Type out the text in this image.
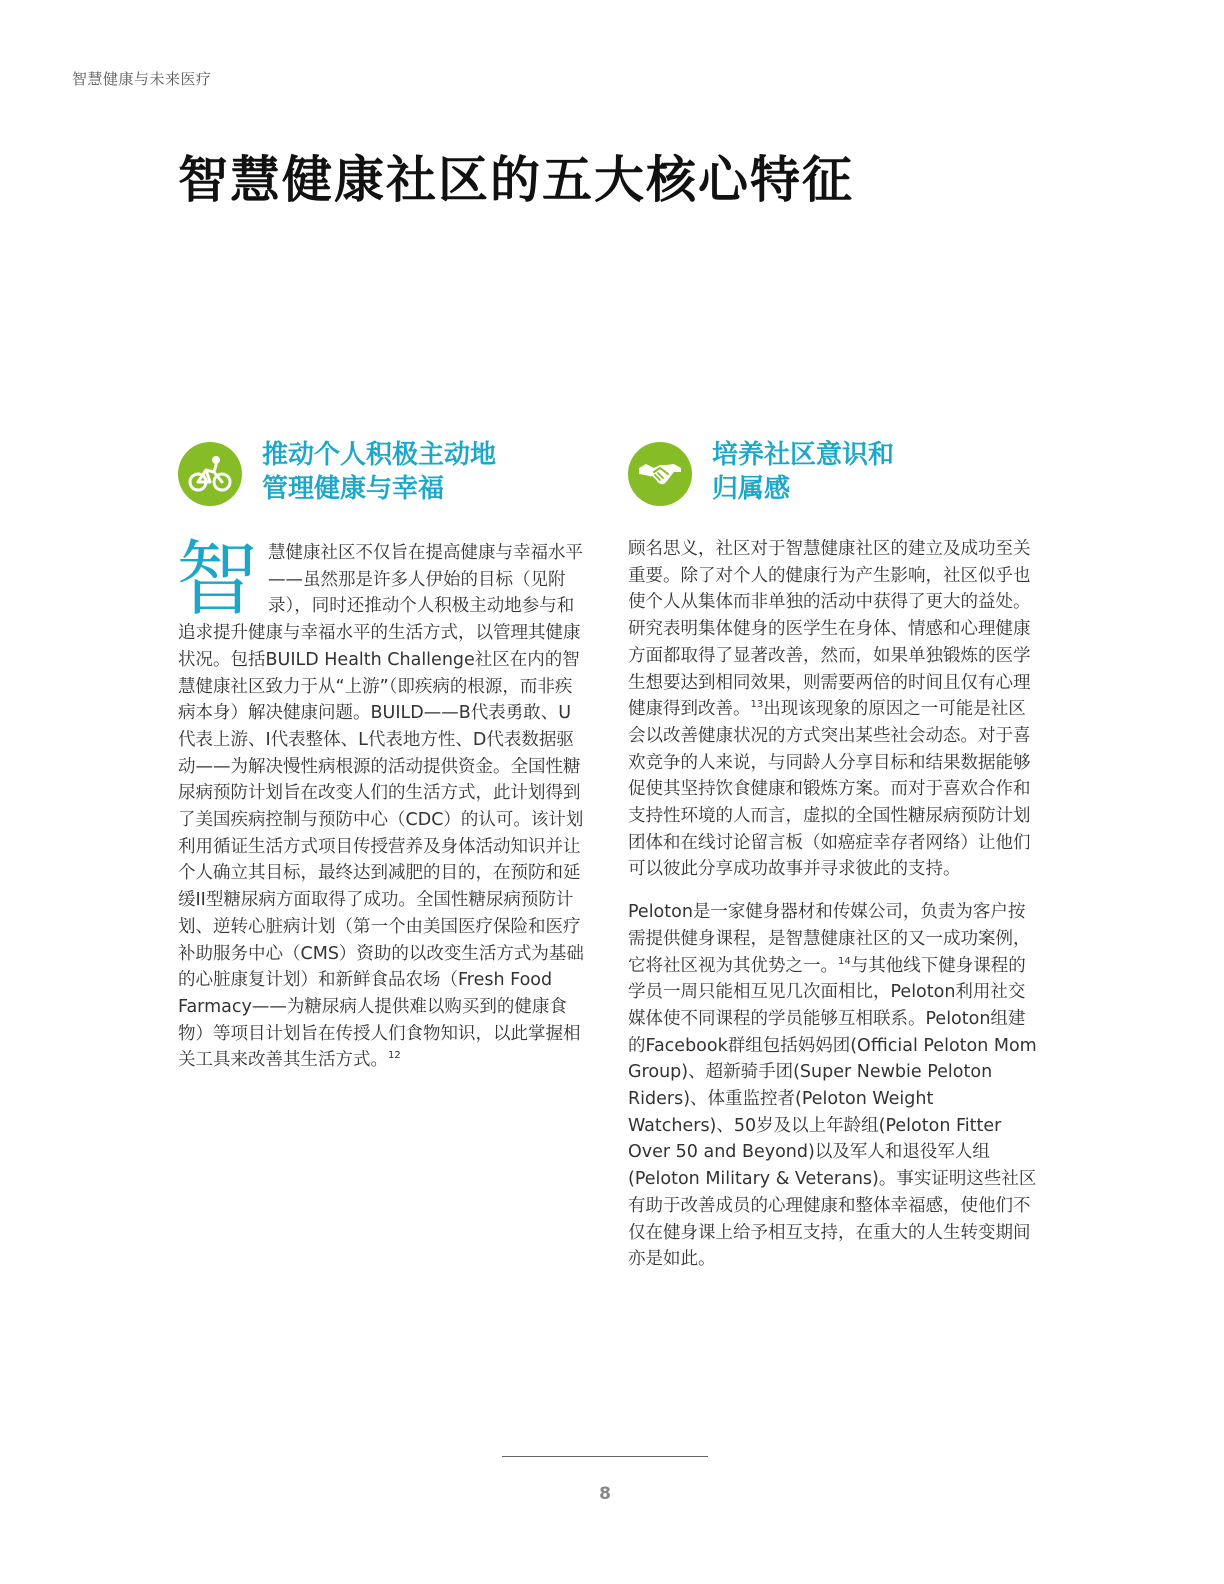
智慧健康与未来医疗
智慧健康社区的五大核心特征
推动个人积极主动地
管理健康与幸福

智慧健康社区不仅旨在提高健康与幸福水平——虽然那是许多人伊始的目标（见附录），同时还推动个人积极主动地参与和追求提升健康与幸福水平的生活方式，以管理其健康状况。包括BUILD Health Challenge社区在内的智慧健康社区致力于从“上游”（即疾病的根源，而非疾病本身）解决健康问题。BUILD——B代表勇敢、U代表上游、I代表整体、L代表地方性、D代表数据驱动——为解决慢性病根源的活动提供资金。全国性糖尿病预防计划旨在改变人们的生活方式，此计划得到了美国疾病控制与预防中心（CDC）的认可。该计划利用循证生活方式项目传授营养及身体活动知识并让个人确立其目标，最终达到减肥的目的，在预防和延缓II型糖尿病方面取得了成功。全国性糖尿病预防计划、逆转心脏病计划（第一个由美国医疗保险和医疗补助服务中心（CMS）资助的以改变生活方式为基础的心脏康复计划）和新鲜食品农场（Fresh Food Farmacy——为糖尿病人提供难以购买到的健康食物）等项目计划旨在传授人们食物知识，以此掌握相关工具来改善其生活方式。$^{12}$

培养社区意识和
归属感

顾名思义，社区对于智慧健康社区的建立及成功至关重要。除了对个人的健康行为产生影响，社区似乎也使个人从集体而非单独的活动中获得了更大的益处。研究表明集体健身的医学生在身体、情感和心理健康方面都取得了显著改善，然而，如果单独锻炼的医学生想要达到相同效果，则需要两倍的时间且仅有心理健康得到改善。$^{13}$出现该现象的原因之一可能是社区会以改善健康状况的方式突出某些社会动态。对于喜欢竞争的人来说，与同龄人分享目标和结果数据能够促使其坚持饮食健康和锻炼方案。而对于喜欢合作和支持性环境的人而言，虚拟的全国性糖尿病预防计划团体和在线讨论留言板（如癌症幸存者网络）让他们可以彼此分享成功故事并寻求彼此的支持。

Peloton是一家健身器材和传媒公司，负责为客户按需提供健身课程，是智慧健康社区的又一成功案例，它将社区视为其优势之一。$^{14}$与其他线下健身课程的学员一周只能相互见几次面相比，Peloton利用社交媒体使不同课程的学员能够互相联系。Peloton组建的Facebook群组包括妈妈团(Official Peloton Mom Group)、超新骑手团(Super Newbie Peloton Riders)、体重监控者(Peloton Weight Watchers)、50岁及以上年龄组(Peloton Fitter Over 50 and Beyond)以及军人和退役军人组(Peloton Military & Veterans)。事实证明这些社区有助于改善成员的心理健康和整体幸福感，使他们不仅在健身课上给予相互支持，在重大的人生转变期间亦是如此。

8
